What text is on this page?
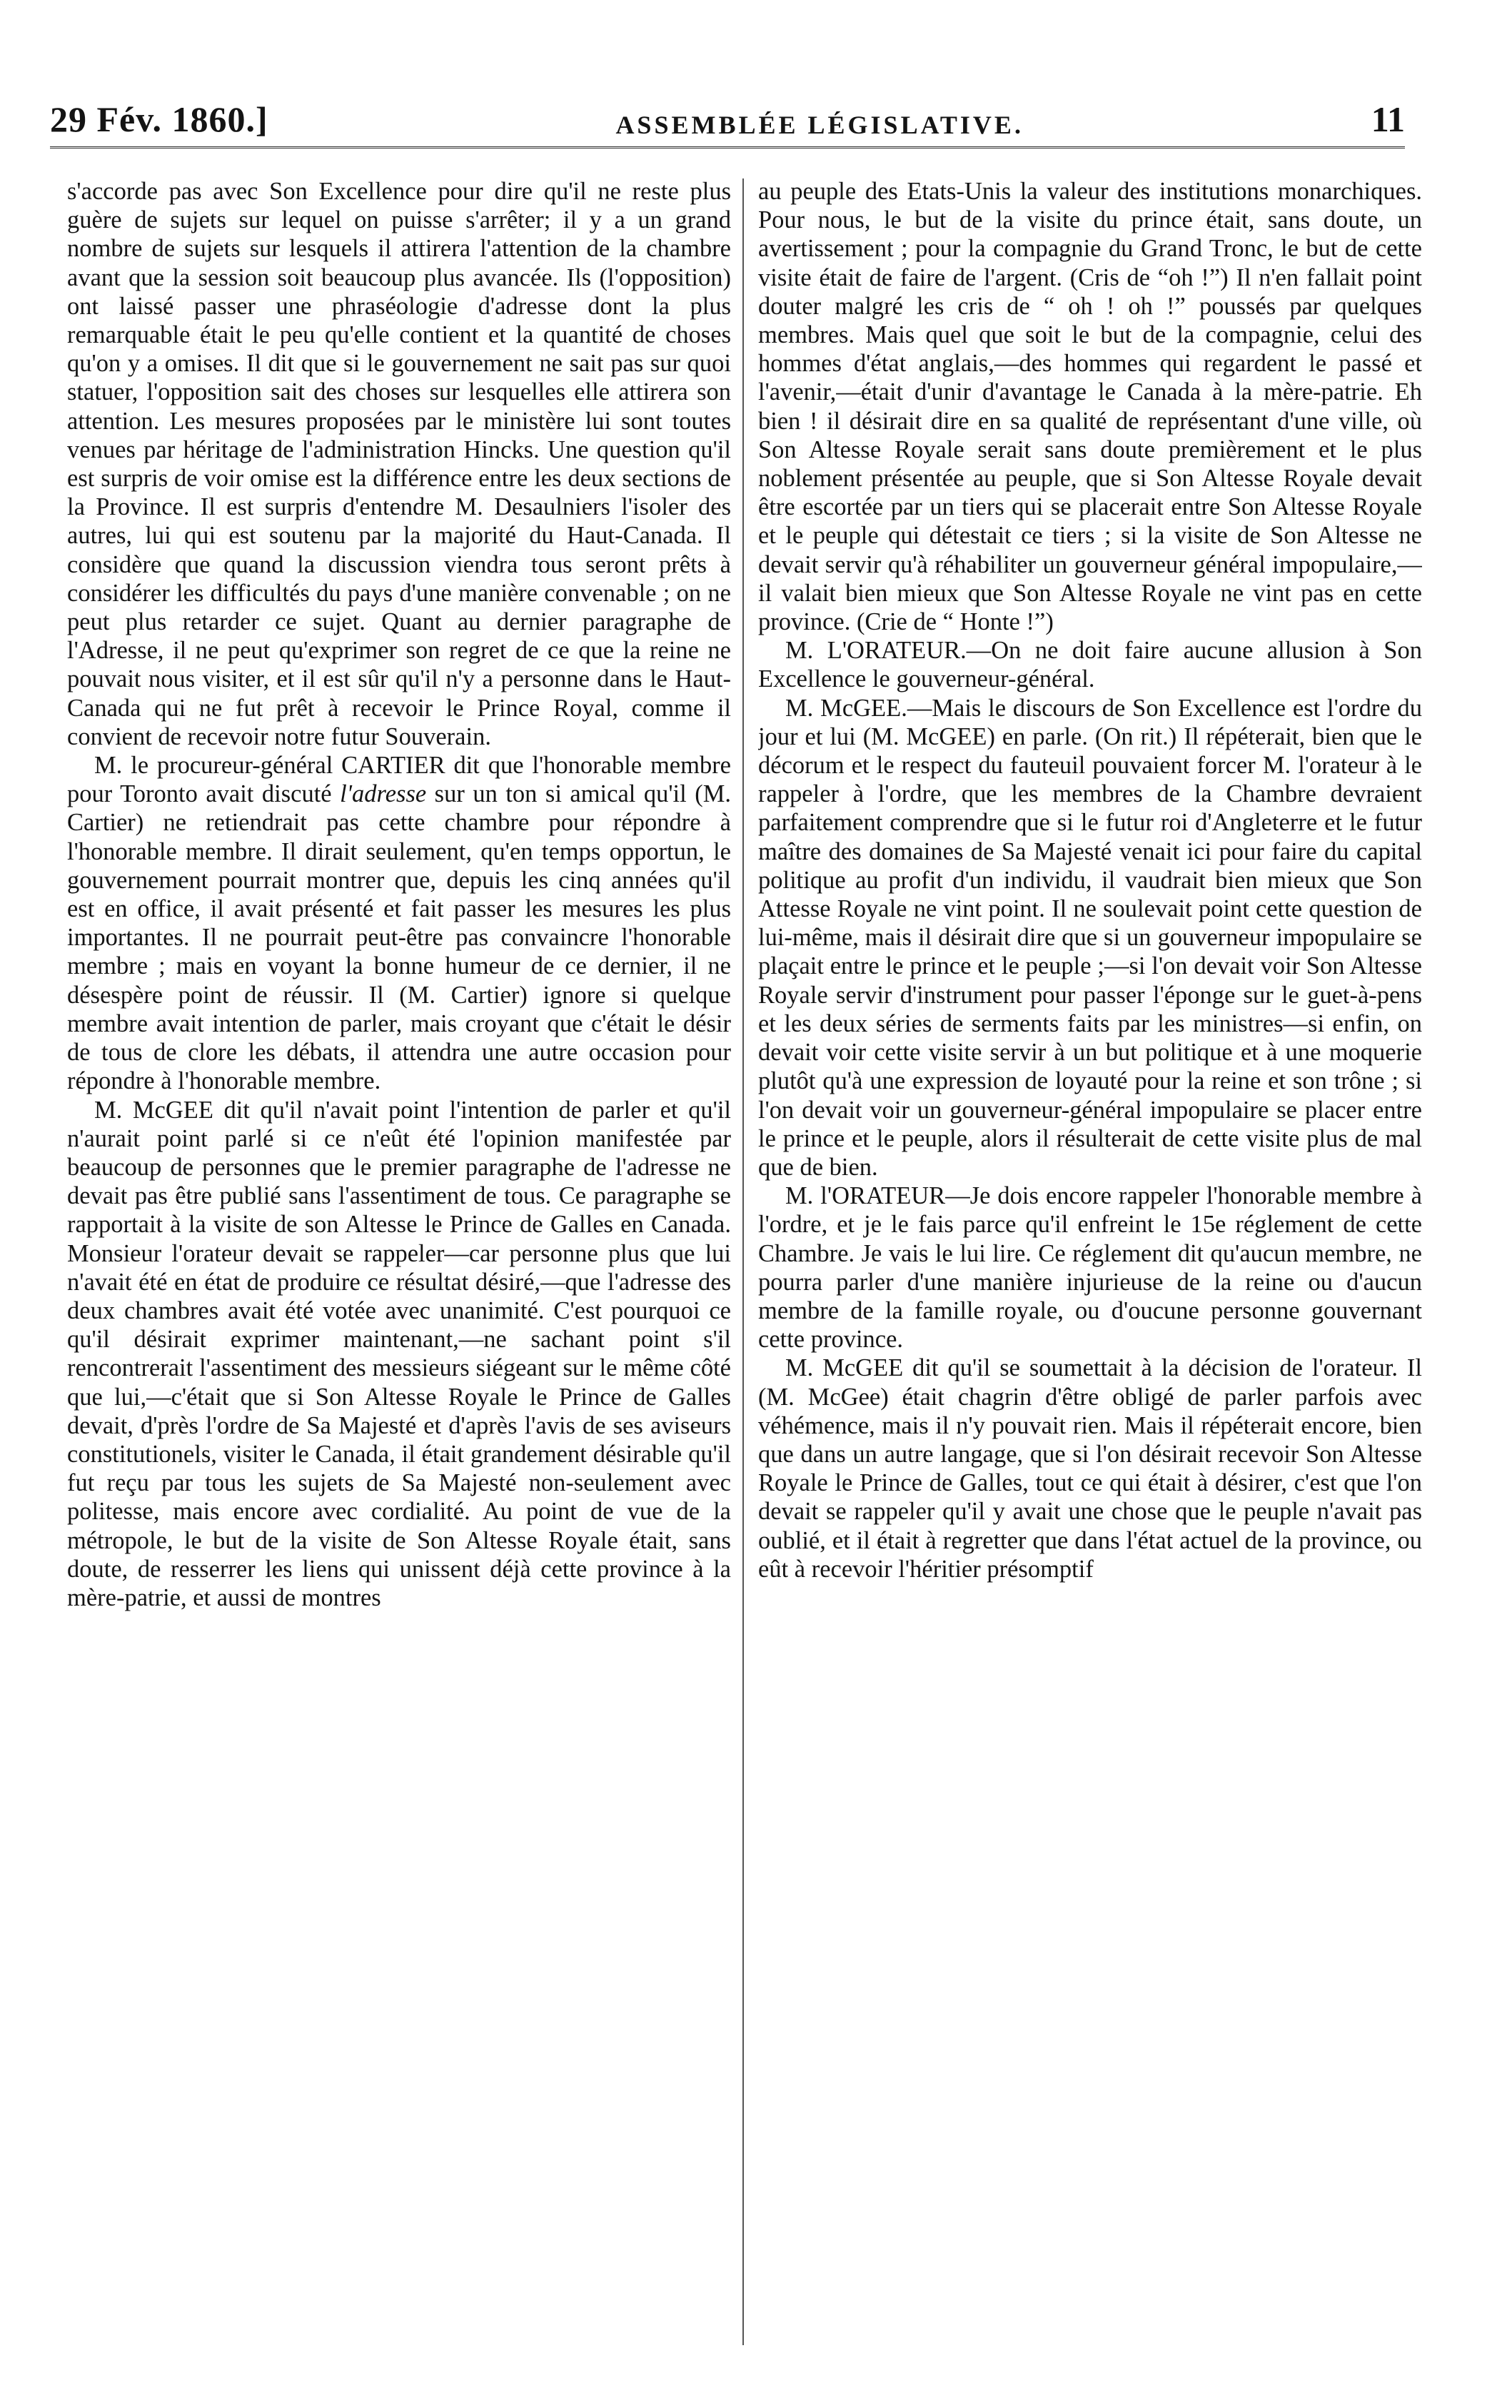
29 Fév. 1860.]	ASSEMBLÉE LÉGISLATIVE.	11

s'accorde pas avec Son Excellence pour dire qu'il ne reste plus guère de sujets sur lequel on puisse s'arrêter; il y a un grand nombre de sujets sur lesquels il attirera l'attention de la chambre avant que la session soit beaucoup plus avancée. Ils (l'opposition) ont laissé passer une phraséologie d'adresse dont la plus remarquable était le peu qu'elle contient et la quantité de choses qu'on y a omises. Il dit que si le gouvernement ne sait pas sur quoi statuer, l'opposition sait des choses sur lesquelles elle attirera son attention. Les mesures proposées par le ministère lui sont toutes venues par héritage de l'administration Hincks. Une question qu'il est surpris de voir omise est la différence entre les deux sections de la Province. Il est surpris d'entendre M. Desaulniers l'isoler des autres, lui qui est soutenu par la majorité du Haut-Canada. Il considère que quand la discussion viendra tous seront prêts à considérer les difficultés du pays d'une manière convenable ; on ne peut plus retarder ce sujet. Quant au dernier paragraphe de l'Adresse, il ne peut qu'exprimer son regret de ce que la reine ne pouvait nous visiter, et il est sûr qu'il n'y a personne dans le Haut-Canada qui ne fut prêt à recevoir le Prince Royal, comme il convient de recevoir notre futur Souverain.

M. le procureur-général CARTIER dit que l'honorable membre pour Toronto avait discuté l'adresse sur un ton si amical qu'il (M. Cartier) ne retiendrait pas cette chambre pour répondre à l'honorable membre. Il dirait seulement, qu'en temps opportun, le gouvernement pourrait montrer que, depuis les cinq années qu'il est en office, il avait présenté et fait passer les mesures les plus importantes. Il ne pourrait peut-être pas convaincre l'honorable membre ; mais en voyant la bonne humeur de ce dernier, il ne désespère point de réussir. Il (M. Cartier) ignore si quelque membre avait intention de parler, mais croyant que c'était le désir de tous de clore les débats, il attendra une autre occasion pour répondre à l'honorable membre.

M. McGEE dit qu'il n'avait point l'intention de parler et qu'il n'aurait point parlé si ce n'eût été l'opinion manifestée par beaucoup de personnes que le premier paragraphe de l'adresse ne devait pas être publié sans l'assentiment de tous. Ce paragraphe se rapportait à la visite de son Altesse le Prince de Galles en Canada. Monsieur l'orateur devait se rappeler—car personne plus que lui n'avait été en état de produire ce résultat désiré,—que l'adresse des deux chambres avait été votée avec unanimité. C'est pourquoi ce qu'il désirait exprimer maintenant,—ne sachant point s'il rencontrerait l'assentiment des messieurs siégeant sur le même côté que lui,—c'était que si Son Altesse Royale le Prince de Galles devait, d'près l'ordre de Sa Majesté et d'après l'avis de ses aviseurs constitutionels, visiter le Canada, il était grandement désirable qu'il fut reçu par tous les sujets de Sa Majesté non-seulement avec politesse, mais encore avec cordialité. Au point de vue de la métropole, le but de la visite de Son Altesse Royale était, sans doute, de resserrer les liens qui unissent déjà cette province à la mère-patrie, et aussi de montres

au peuple des Etats-Unis la valeur des institutions monarchiques. Pour nous, le but de la visite du prince était, sans doute, un avertissement ; pour la compagnie du Grand Tronc, le but de cette visite était de faire de l'argent. (Cris de “oh !”) Il n'en fallait point douter malgré les cris de “ oh ! oh !” poussés par quelques membres. Mais quel que soit le but de la compagnie, celui des hommes d'état anglais,—des hommes qui regardent le passé et l'avenir,—était d'unir d'avantage le Canada à la mère-patrie. Eh bien ! il désirait dire en sa qualité de représentant d'une ville, où Son Altesse Royale serait sans doute premièrement et le plus noblement présentée au peuple, que si Son Altesse Royale devait être escortée par un tiers qui se placerait entre Son Altesse Royale et le peuple qui détestait ce tiers ; si la visite de Son Altesse ne devait servir qu'à réhabiliter un gouverneur général impopulaire,—il valait bien mieux que Son Altesse Royale ne vint pas en cette province. (Crie de “ Honte !”)

M. L'ORATEUR.—On ne doit faire aucune allusion à Son Excellence le gouverneur-général.

M. McGEE.—Mais le discours de Son Excellence est l'ordre du jour et lui (M. McGEE) en parle. (On rit.) Il répéterait, bien que le décorum et le respect du fauteuil pouvaient forcer M. l'orateur à le rappeler à l'ordre, que les membres de la Chambre devraient parfaitement comprendre que si le futur roi d'Angleterre et le futur maître des domaines de Sa Majesté venait ici pour faire du capital politique au profit d'un individu, il vaudrait bien mieux que Son Attesse Royale ne vint point. Il ne soulevait point cette question de lui-même, mais il désirait dire que si un gouverneur impopulaire se plaçait entre le prince et le peuple ;—si l'on devait voir Son Altesse Royale servir d'instrument pour passer l'éponge sur le guet-à-pens et les deux séries de serments faits par les ministres—si enfin, on devait voir cette visite servir à un but politique et à une moquerie plutôt qu'à une expression de loyauté pour la reine et son trône ; si l'on devait voir un gouverneur-général impopulaire se placer entre le prince et le peuple, alors il résulterait de cette visite plus de mal que de bien.

M. l'ORATEUR—Je dois encore rappeler l'honorable membre à l'ordre, et je le fais parce qu'il enfreint le 15e réglement de cette Chambre. Je vais le lui lire. Ce réglement dit qu'aucun membre, ne pourra parler d'une manière injurieuse de la reine ou d'aucun membre de la famille royale, ou d'oucune personne gouvernant cette province.

M. McGEE dit qu'il se soumettait à la décision de l'orateur. Il (M. McGee) était chagrin d'être obligé de parler parfois avec véhémence, mais il n'y pouvait rien. Mais il répéterait encore, bien que dans un autre langage, que si l'on désirait recevoir Son Altesse Royale le Prince de Galles, tout ce qui était à désirer, c'est que l'on devait se rappeler qu'il y avait une chose que le peuple n'avait pas oublié, et il était à regretter que dans l'état actuel de la province, ou eût à recevoir l'héritier présomptif
